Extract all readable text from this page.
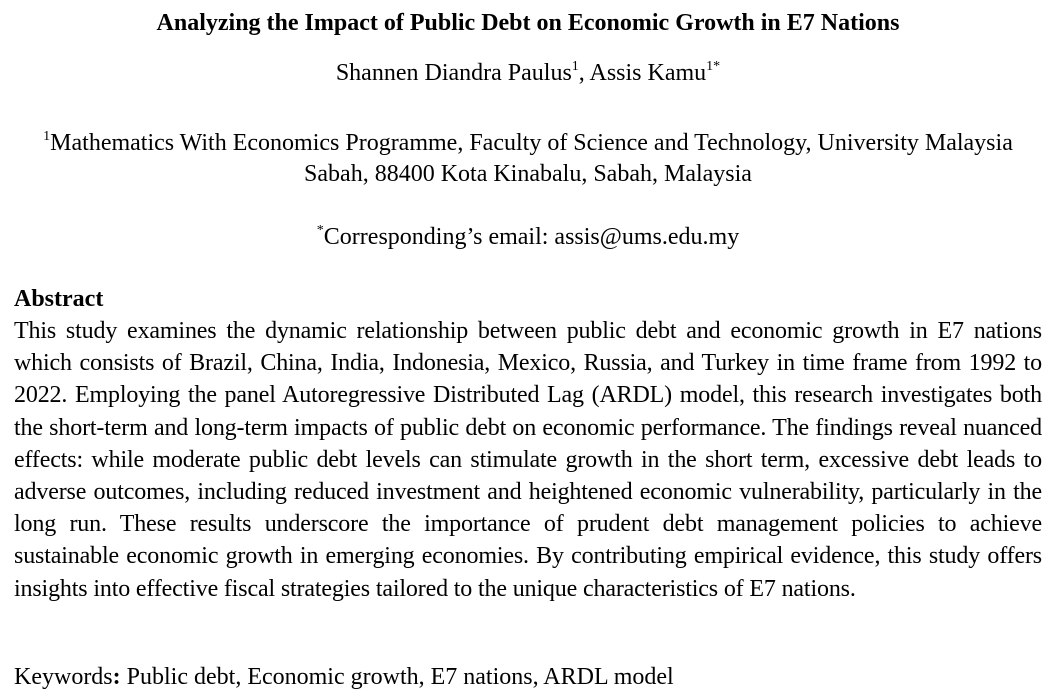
Analyzing the Impact of Public Debt on Economic Growth in E7 Nations
Shannen Diandra Paulus$^1$, Assis Kamu$^{1*}$
$^1$Mathematics With Economics Programme, Faculty of Science and Technology, University Malaysia Sabah, 88400 Kota Kinabalu, Sabah, Malaysia
*Corresponding’s email: assis@ums.edu.my
Abstract
This study examines the dynamic relationship between public debt and economic growth in E7 nations which consists of Brazil, China, India, Indonesia, Mexico, Russia, and Turkey in time frame from 1992 to 2022. Employing the panel Autoregressive Distributed Lag (ARDL) model, this research investigates both the short-term and long-term impacts of public debt on economic performance. The findings reveal nuanced effects: while moderate public debt levels can stimulate growth in the short term, excessive debt leads to adverse outcomes, including reduced investment and heightened economic vulnerability, particularly in the long run. These results underscore the importance of prudent debt management policies to achieve sustainable economic growth in emerging economies. By contributing empirical evidence, this study offers insights into effective fiscal strategies tailored to the unique characteristics of E7 nations.
Keywords: Public debt, Economic growth, E7 nations, ARDL model
